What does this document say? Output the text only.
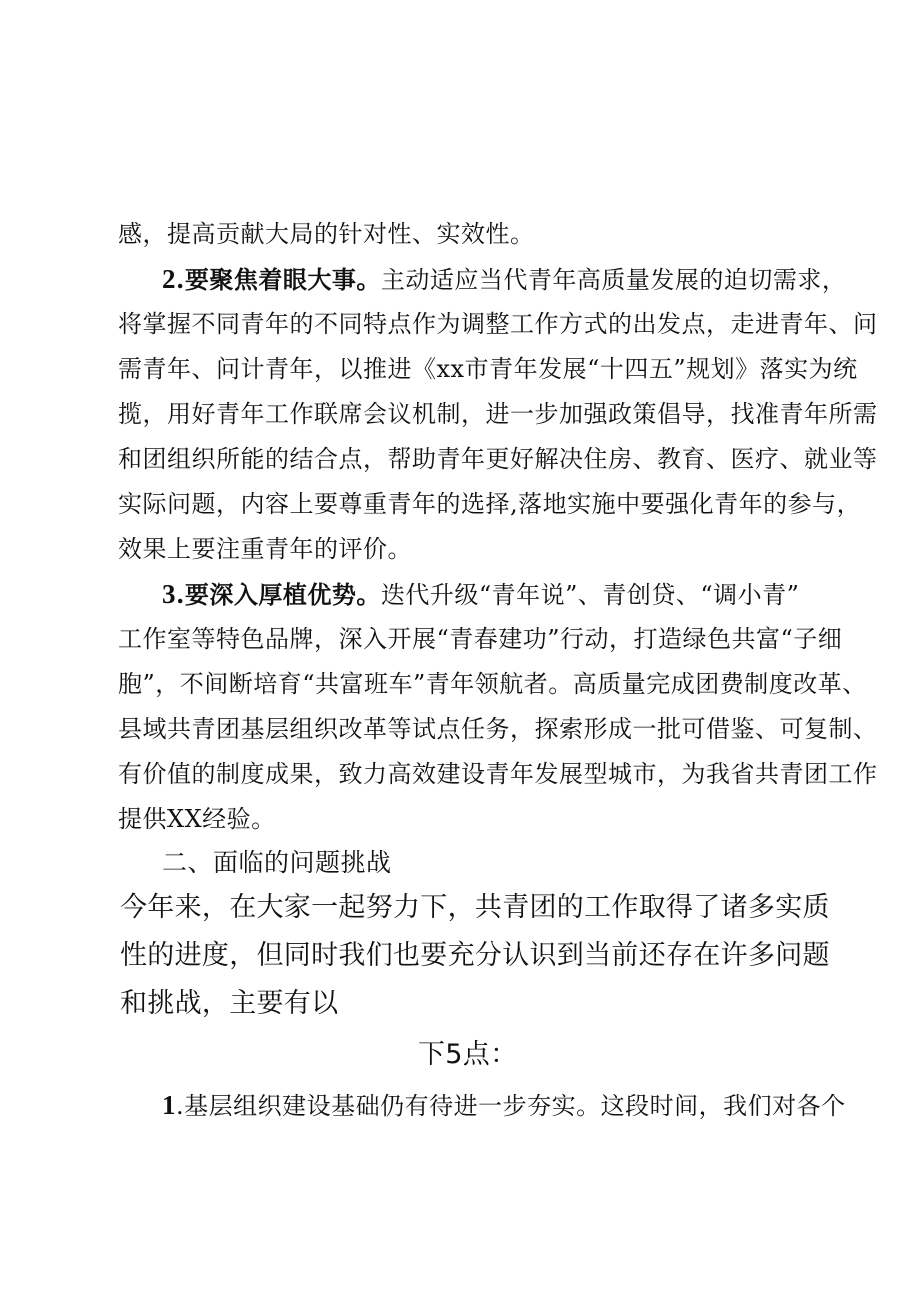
感，提高贡献大局的针对性、实效性。
2.要聚焦着眼大事。主动适应当代青年高质量发展的迫切需求，
将掌握不同青年的不同特点作为调整工作方式的出发点，走进青年、问
需青年、问计青年，以推进《xx市青年发展“十四五”规划》落实为统
揽，用好青年工作联席会议机制，进一步加强政策倡导，找准青年所需
和团组织所能的结合点，帮助青年更好解决住房、教育、医疗、就业等
实际问题，内容上要尊重青年的选择,落地实施中要强化青年的参与，
效果上要注重青年的评价。
3.要深入厚植优势。迭代升级“青年说”、青创贷、“调小青”
工作室等特色品牌，深入开展“青春建功”行动，打造绿色共富“子细
胞”，不间断培育“共富班车”青年领航者。高质量完成团费制度改革、
县域共青团基层组织改革等试点任务，探索形成一批可借鉴、可复制、
有价值的制度成果，致力高效建设青年发展型城市，为我省共青团工作
提供XX经验。
二、面临的问题挑战
今年来，在大家一起努力下，共青团的工作取得了诸多实质
性的进度，但同时我们也要充分认识到当前还存在许多问题
和挑战，主要有以
下5点：
1.基层组织建设基础仍有待进一步夯实。这段时间，我们对各个
